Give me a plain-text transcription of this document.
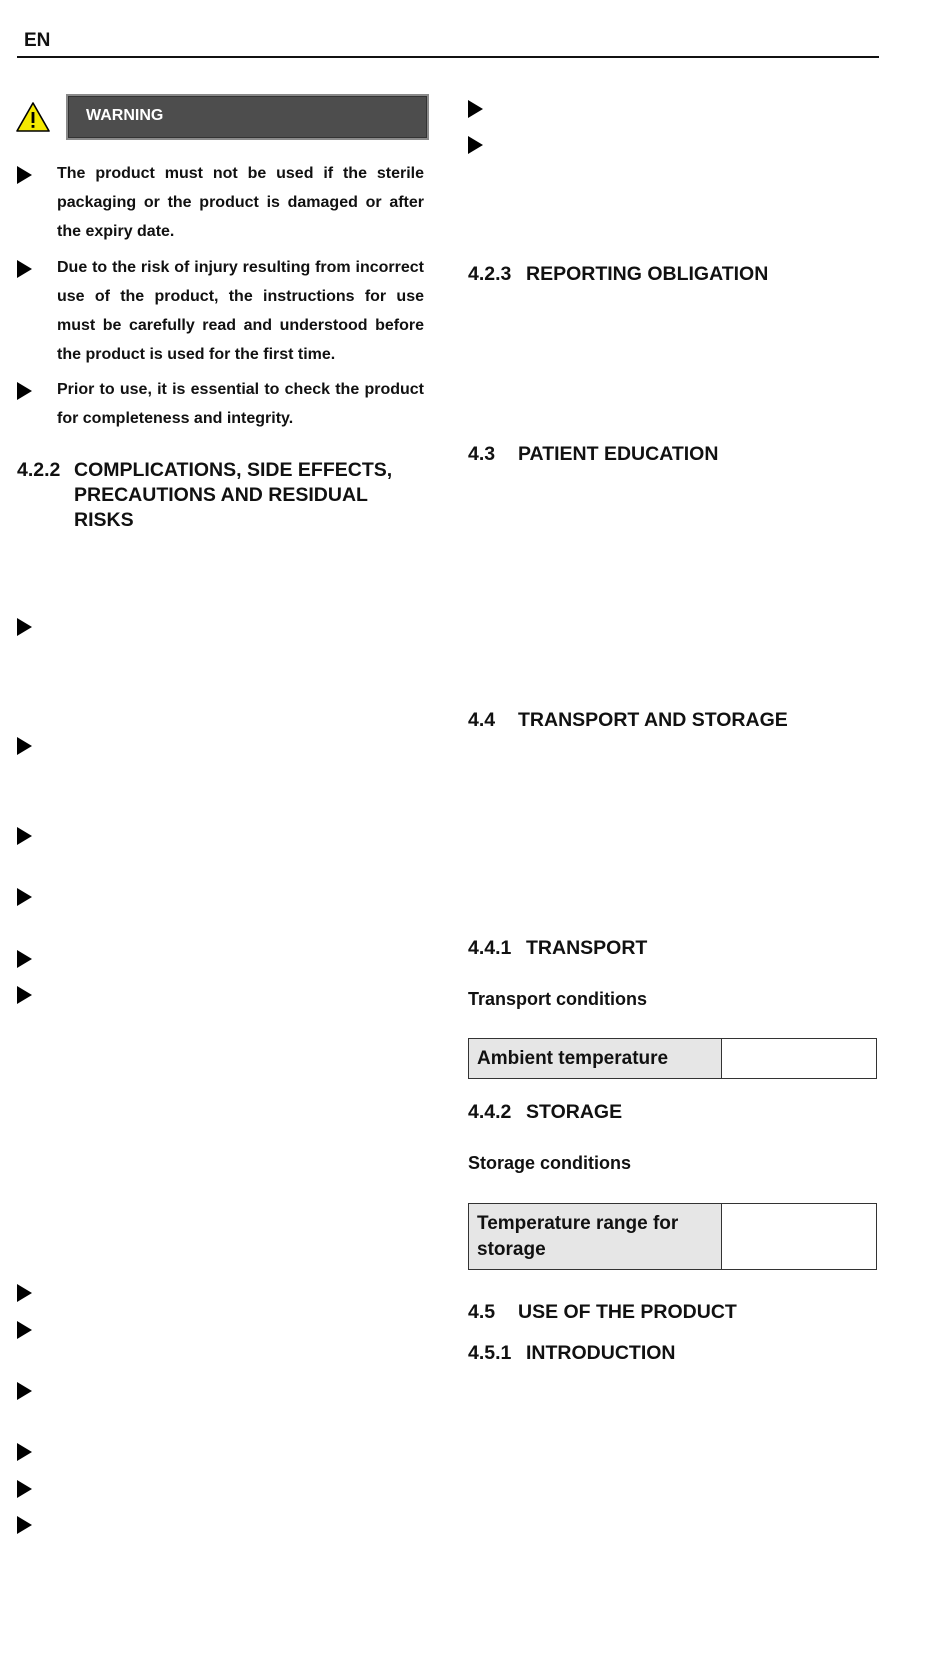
EN
WARNING
The product must not be used if the sterile packaging or the product is damaged or after the expiry date.
Due to the risk of injury resulting from incorrect use of the product, the instructions for use must be carefully read and understood before the product is used for the first time.
Prior to use, it is essential to check the product for completeness and integrity.
4.2.2 COMPLICATIONS, SIDE EFFECTS,
PRECAUTIONS AND RESIDUAL
RISKS
4.2.3 REPORTING OBLIGATION
4.3 PATIENT EDUCATION
4.4 TRANSPORT AND STORAGE
4.4.1 TRANSPORT
Transport conditions
Ambient temperature	
4.4.2 STORAGE
Storage conditions
Temperature range for
storage	
4.5 USE OF THE PRODUCT
4.5.1 INTRODUCTION
